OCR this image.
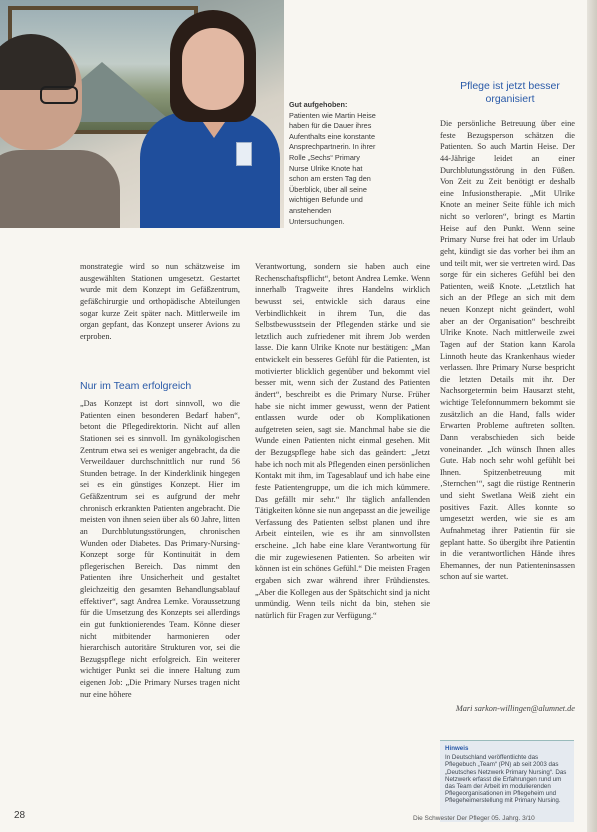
Gut aufgehoben:
Patienten wie Martin Heise haben für die Dauer ihres Aufenthalts eine konstante Ansprechpartnerin. In ihrer Rolle „Sechs“ Primary Nurse Ulrike Knote hat schon am ersten Tag den Überblick, über all seine wichtigen Befunde und anstehenden Untersuchungen.
Pflege ist jetzt besser organisiert

monstrategie wird so nun schätzweise im ausgewählten Stationen umgesetzt. Gestartet wurde mit dem Konzept im Gefäßzentrum, gefäßchirurgie und orthopädische Abteilungen sogar kurze Zeit später nach. Mittlerweile im organ gepfant, das Konzept unserer Avions zu erproben.

Nur im Team erfolgreich

„Das Konzept ist dort sinnvoll, wo die Patienten einen besonderen Bedarf haben“, betont die Pflegedirektorin. Nicht auf allen Stationen sei es sinnvoll. Im gynäkologischen Zentrum etwa sei es weniger angebracht, da die Verweildauer durchschnittlich nur rund 56 Stunden betrage. In der Kinderklinik hingegen sei es ein günstiges Konzept. Hier im Gefäßzentrum sei es aufgrund der mehr chronisch erkrankten Patienten angebracht. Die meisten von ihnen seien über als 60 Jahre, litten an Durchblutungsstörungen, chronischen Wunden oder Diabetes. Das Primary-Nursing-Konzept sorge für Kontinuität in dem pflegerischen Bereich. Das nimmt den Patienten ihre Unsicherheit und gestaltet gleichzeitig den gesamten Behandlungsablauf effektiver“, sagt Andrea Lemke. Voraussetzung für die Umsetzung des Konzepts sei allerdings ein gut funktionierendes Team. Könne dieser nicht mitbitender harmonieren oder hierarchisch autoritäre Strukturen vor, sei die Bezugspflege nicht erfolgreich. Ein weiterer wichtiger Punkt sei die innere Haltung zum eigenen Job: „Die Primary Nurses tragen nicht nur eine höhere

Verantwortung, sondern sie haben auch eine Rechenschaftspflicht“, betont Andrea Lemke. Wenn innerhalb Tragweite ihres Handelns wirklich bewusst sei, entwickle sich daraus eine Verbindlichkeit in ihrem Tun, die das Selbstbewusstsein der Pflegenden stärke und sie letztlich auch zufriedener mit ihrem Job werden lasse. Die kann Ulrike Knote nur bestätigen: „Man entwickelt ein besseres Gefühl für die Patienten, ist motivierter blicklich gegenüber und bekommt viel besser mit, wenn sich der Zustand des Patienten ändert“, beschreibt es die Primary Nurse. Früher habe sie nicht immer gewusst, wenn der Patient entlassen wurde oder ob Komplikationen aufgetreten seien, sagt sie. Manchmal habe sie die Wunde einen Patienten nicht einmal gesehen. Mit der Bezugspflege habe sich das geändert: „Jetzt habe ich noch mit als Pflegenden einen persönlichen Kontakt mit ihm, im Tagesablauf und ich habe eine feste Patientengruppe, um die ich mich kümmere. Das gefällt mir sehr.“ Ihr täglich anfallenden Tätigkeiten könne sie nun angepasst an die jeweilige Verfassung des Patienten selbst planen und ihre Arbeit einteilen, wie es ihr am sinnvollsten erscheine. „Ich habe eine klare Verantwortung für die mir zugewiesenen Patienten. So arbeiten wir können ist ein schönes Gefühl.“ Die meisten Fragen ergaben sich zwar während ihrer Frühdienstes. „Aber die Kollegen aus der Spätschicht sind ja nicht unmündig. Wenn teils nicht da bin, stehen sie natürlich für Fragen zur Verfügung.“

Die persönliche Betreuung über eine feste Bezugsperson schätzen die Patienten. So auch Martin Heise. Der 44-Jährige leidet an einer Durchblutungsstörung in den Füßen. Von Zeit zu Zeit benötigt er deshalb eine Infusionstherapie. „Mit Ulrike Knote an meiner Seite fühle ich mich nicht so verloren“, bringt es Martin Heise auf den Punkt. Wenn seine Primary Nurse frei hat oder im Urlaub geht, kündigt sie das vorher bei ihm an und teilt mit, wer sie vertreten wird. Das sorge für ein sicheres Gefühl bei den Patienten, weiß Knote. „Letztlich hat sich an der Pflege an sich mit dem neuen Konzept nicht geändert, wohl aber an der Organisation“ beschreibt Ulrike Knote. Nach mittlerweile zwei Tagen auf der Station kann Karola Linnoth heute das Krankenhaus wieder verlassen. Ihre Primary Nurse bespricht die letzten Details mit ihr. Der Nachsorgetermin beim Hausarzt steht, wichtige Telefonnummern bekommt sie zusätzlich an die Hand, falls wider Erwarten Probleme auftreten sollten. Dann verabschieden sich beide voneinander. „Ich wünsch Ihnen alles Gute. Hab noch sehr wohl gefühlt bei Ihnen. Spitzenbetreuung mit ‚Sternchen‘“, sagt die rüstige Rentnerin und sieht Swetlana Weiß zieht ein positives Fazit. Alles konnte so umgesetzt werden, wie sie es am Aufnahmetag ihrer Patientin für sie geplant hatte. So übergibt ihre Patientin in die verantwortlichen Hände ihres Ehemannes, der nun Patienteninsassen schon auf sie wartet.

Mari sarkon-willingen@alumnet.de
Hinweis
In Deutschland veröffentlichte das Pflegebuch „Team“ (PN) ab seit 2003 das „Deutsches Netzwerk Primary Nursing“. Das Netzwerk erfasst die Erfahrungen rund um das Team der Arbeit im modulierenden Pflegeorganisationen im Pflegeheim und Pflegeheimerstellung mit Primary Nursing.
28	Die Schwester Der Pfleger 05. Jahrg. 3/10
